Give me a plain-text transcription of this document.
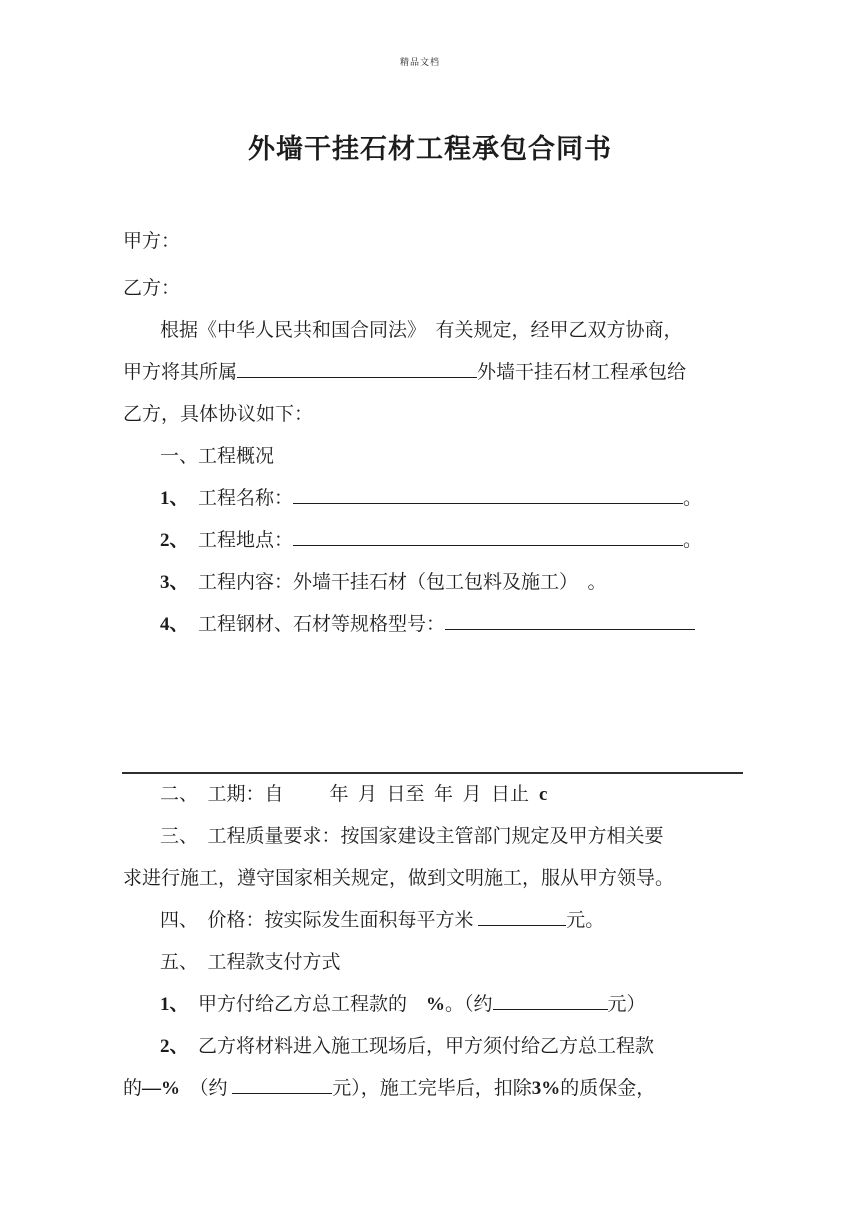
精品文档
外墙干挂石材工程承包合同书
甲方：
乙方：
根据《中华人民共和国合同法》　有关规定，经甲乙双方协商，
甲方将其所属	外墙干挂石材工程承包给
乙方，具体协议如下：
一、工程概况
1、　工程名称：	。
2、　工程地点：	。
3、　工程内容：外墙干挂石材（包工包料及施工）　。
4、　工程钢材、石材等规格型号：
二、　工期：自 年  月  日至  年  月  日止 c
三、　工程质量要求：按国家建设主管部门规定及甲方相关要
求进行施工，遵守国家相关规定，做到文明施工，服从甲方领导。
四、　价格：按实际发生面积每平方米	元。
五、　工程款支付方式
1、　甲方付给乙方总工程款的　%。（约	元）
2、　乙方将材料进入施工现场后，甲方须付给乙方总工程款
的—%　（约	元），施工完毕后，扣除3%的质保金，
